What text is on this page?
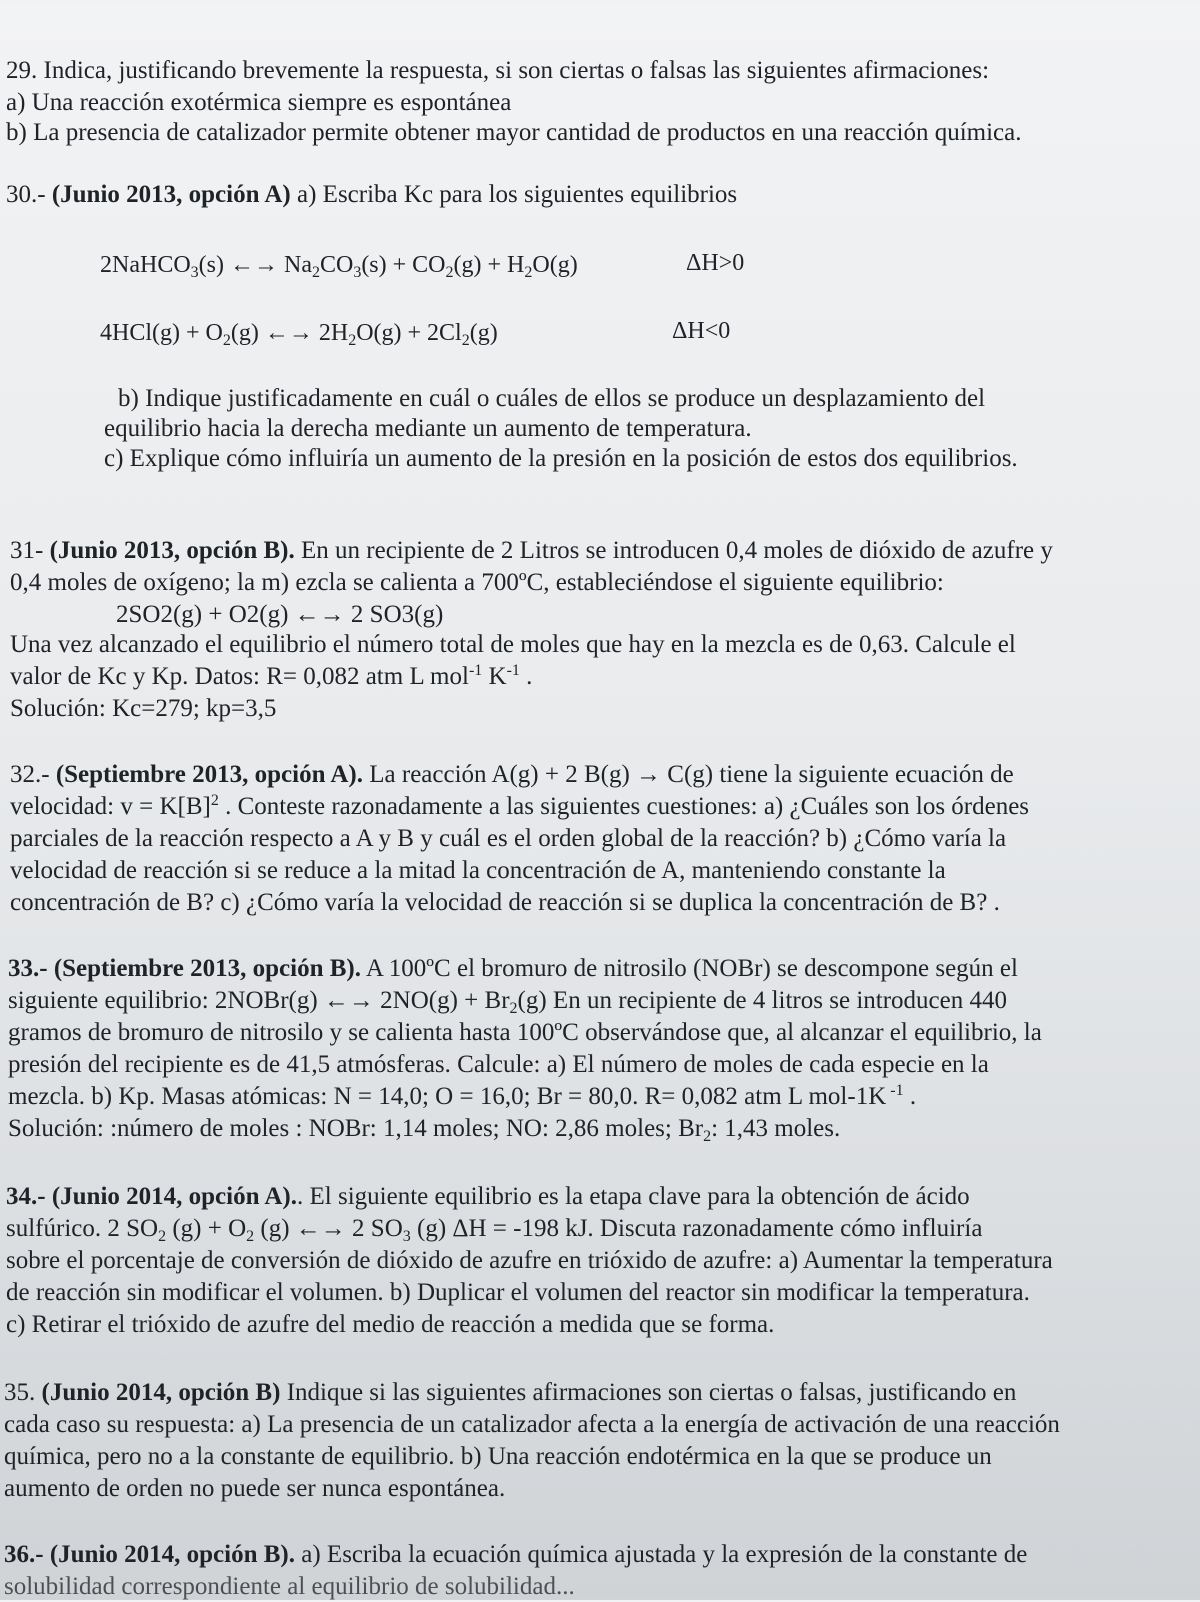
29. Indica, justificando brevemente la respuesta, si son ciertas o falsas las siguientes afirmaciones:
a) Una reacción exotérmica siempre es espontánea
b) La presencia de catalizador permite obtener mayor cantidad de productos en una reacción química.
30.- (Junio 2013, opción A) a) Escriba Kc para los siguientes equilibrios
2NaHCO$_3$(s) ←→ $Na_2CO_3(s) + CO_2(g) + H_2O(g)$	ΔH>0
$4HCl(g) + O_2(g)$ ←→ $2H_2O(g) + 2Cl_2(g)$	ΔH<0
b) Indique justificadamente en cuál o cuáles de ellos se produce un desplazamiento del
equilibrio hacia la derecha mediante un aumento de temperatura.
c) Explique cómo influiría un aumento de la presión en la posición de estos dos equilibrios.
31- (Junio 2013, opción B). En un recipiente de 2 Litros se introducen 0,4 moles de dióxido de azufre y
0,4 moles de oxígeno; la m) ezcla se calienta a 700ºC, estableciéndose el siguiente equilibrio:
2SO2(g) + O2(g) ←→ 2 SO3(g)
Una vez alcanzado el equilibrio el número total de moles que hay en la mezcla es de 0,63. Calcule el
valor de Kc y Kp. Datos: R= 0,082 atm L mol$^{-1}$ $K^{-1}$ .
Solución: Kc=279; kp=3,5
32.- (Septiembre 2013, opción A). La reacción A(g) + 2 B(g) → C(g) tiene la siguiente ecuación de
velocidad: $v = K[B]^2$ . Conteste razonadamente a las siguientes cuestiones: a) ¿Cuáles son los órdenes
parciales de la reacción respecto a A y B y cuál es el orden global de la reacción? b) ¿Cómo varía la
velocidad de reacción si se reduce a la mitad la concentración de A, manteniendo constante la
concentración de B? c) ¿Cómo varía la velocidad de reacción si se duplica la concentración de B? .
33.- (Septiembre 2013, opción B). A 100ºC el bromuro de nitrosilo (NOBr) se descompone según el
siguiente equilibrio: 2NOBr(g) ←→ $2NO(g) + Br_2(g)$ En un recipiente de 4 litros se introducen 440
gramos de bromuro de nitrosilo y se calienta hasta 100ºC observándose que, al alcanzar el equilibrio, la
presión del recipiente es de 41,5 atmósferas. Calcule: a) El número de moles de cada especie en la
mezcla. b) Kp. Masas atómicas: N = 14,0; O = 16,0; Br = 80,0. R= 0,082 atm L mol-1K $^{-1}$ .
Solución: :número de moles : NOBr: 1,14 moles; NO: 2,86 moles; $Br_2$: 1,43 moles.
34.- (Junio 2014, opción A).. El siguiente equilibrio es la etapa clave para la obtención de ácido
sulfúrico. 2 $SO_2$ $(g) + O_2$ (g) ←→ 2 $SO_3$ (g) ΔH = -198 kJ. Discuta razonadamente cómo influiría
sobre el porcentaje de conversión de dióxido de azufre en trióxido de azufre: a) Aumentar la temperatura
de reacción sin modificar el volumen. b) Duplicar el volumen del reactor sin modificar la temperatura.
c) Retirar el trióxido de azufre del medio de reacción a medida que se forma.
35. (Junio 2014, opción B) Indique si las siguientes afirmaciones son ciertas o falsas, justificando en
cada caso su respuesta: a) La presencia de un catalizador afecta a la energía de activación de una reacción
química, pero no a la constante de equilibrio. b) Una reacción endotérmica en la que se produce un
aumento de orden no puede ser nunca espontánea.
36.- (Junio 2014, opción B). a) Escriba la ecuación química ajustada y la expresión de la constante de
solubilidad correspondiente al equilibrio de solubilidad...
